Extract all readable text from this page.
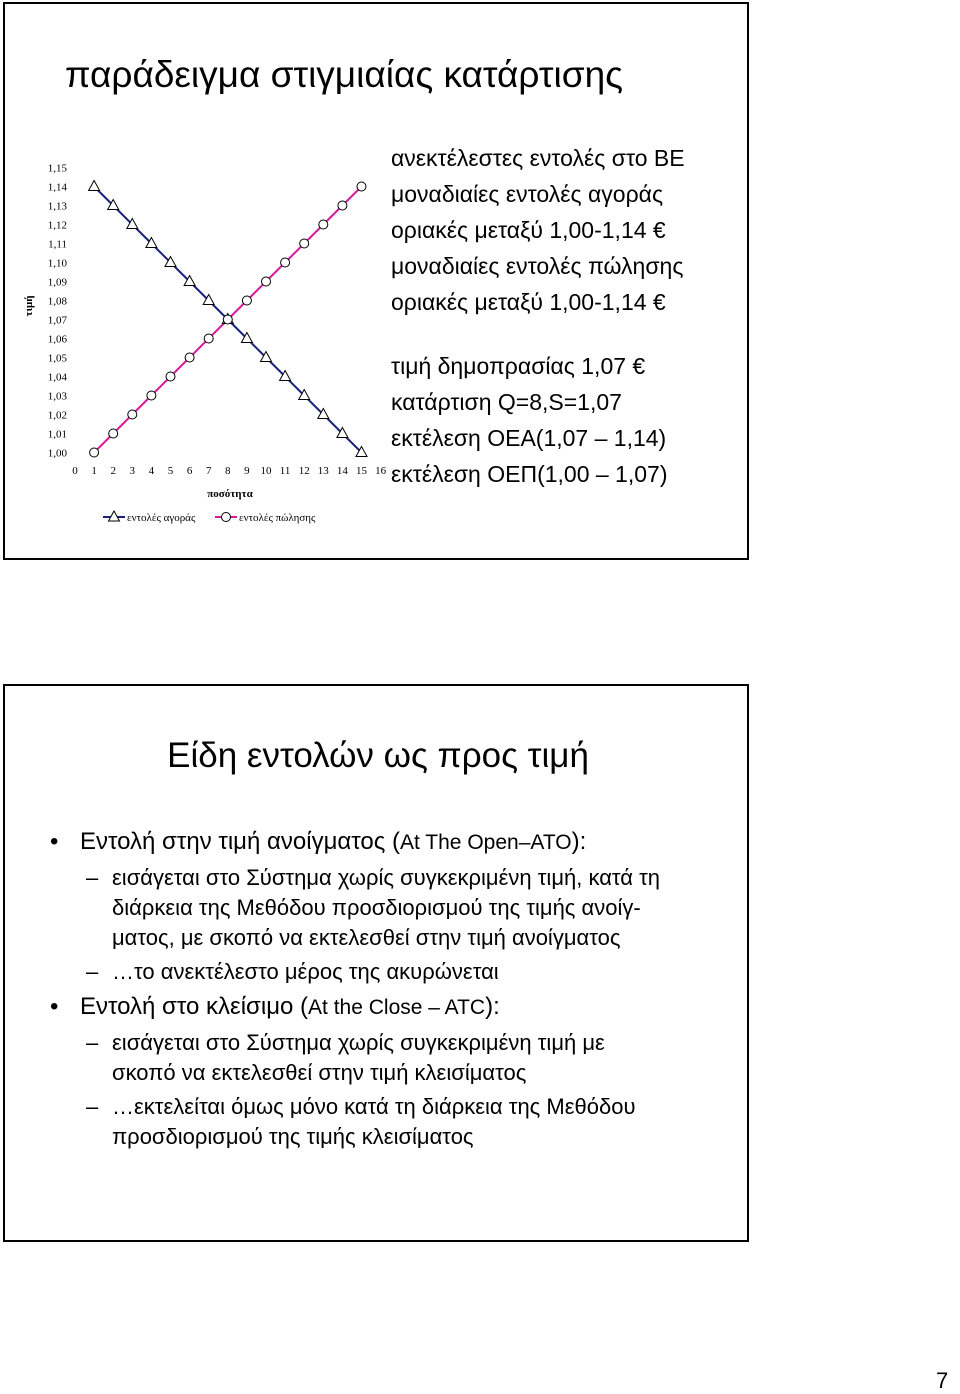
παράδειγμα στιγμιαίας κατάρτισης
1,15
1,14
1,13
1,12
1,11
1,10
1,09
1,08
1,07
1,06
1,05
1,04
1,03
1,02
1,01
1,00
0 1 2 3 4 5 6 7 8 9 10 11 12 13 14 15 16
τιμή
ποσότητα
εντολές αγοράς	εντολές πώλησης
ανεκτέλεστες εντολές στο ΒΕ
μοναδιαίες εντολές αγοράς
οριακές μεταξύ 1,00-1,14 €
μοναδιαίες εντολές πώλησης
οριακές μεταξύ 1,00-1,14 €
τιμή δημοπρασίας 1,07 €
κατάρτιση Q=8,S=1,07
εκτέλεση ΟΕΑ(1,07 – 1,14)
εκτέλεση ΟΕΠ(1,00 – 1,07)
Είδη εντολών ως προς τιμή
• Εντολή στην τιμή ανοίγματος (At The Open–ATO):
– εισάγεται στο Σύστημα χωρίς συγκεκριμένη τιμή, κατά τη
διάρκεια της Μεθόδου προσδιορισμού της τιμής ανοίγ-
ματος, με σκοπό να εκτελεσθεί στην τιμή ανοίγματος
– …το ανεκτέλεστο μέρος της ακυρώνεται
• Εντολή στο κλείσιμο (At the Close – ATC):
– εισάγεται στο Σύστημα χωρίς συγκεκριμένη τιμή με
σκοπό να εκτελεσθεί στην τιμή κλεισίματος
– …εκτελείται όμως μόνο κατά τη διάρκεια της Μεθόδου
προσδιορισμού της τιμής κλεισίματος
7
